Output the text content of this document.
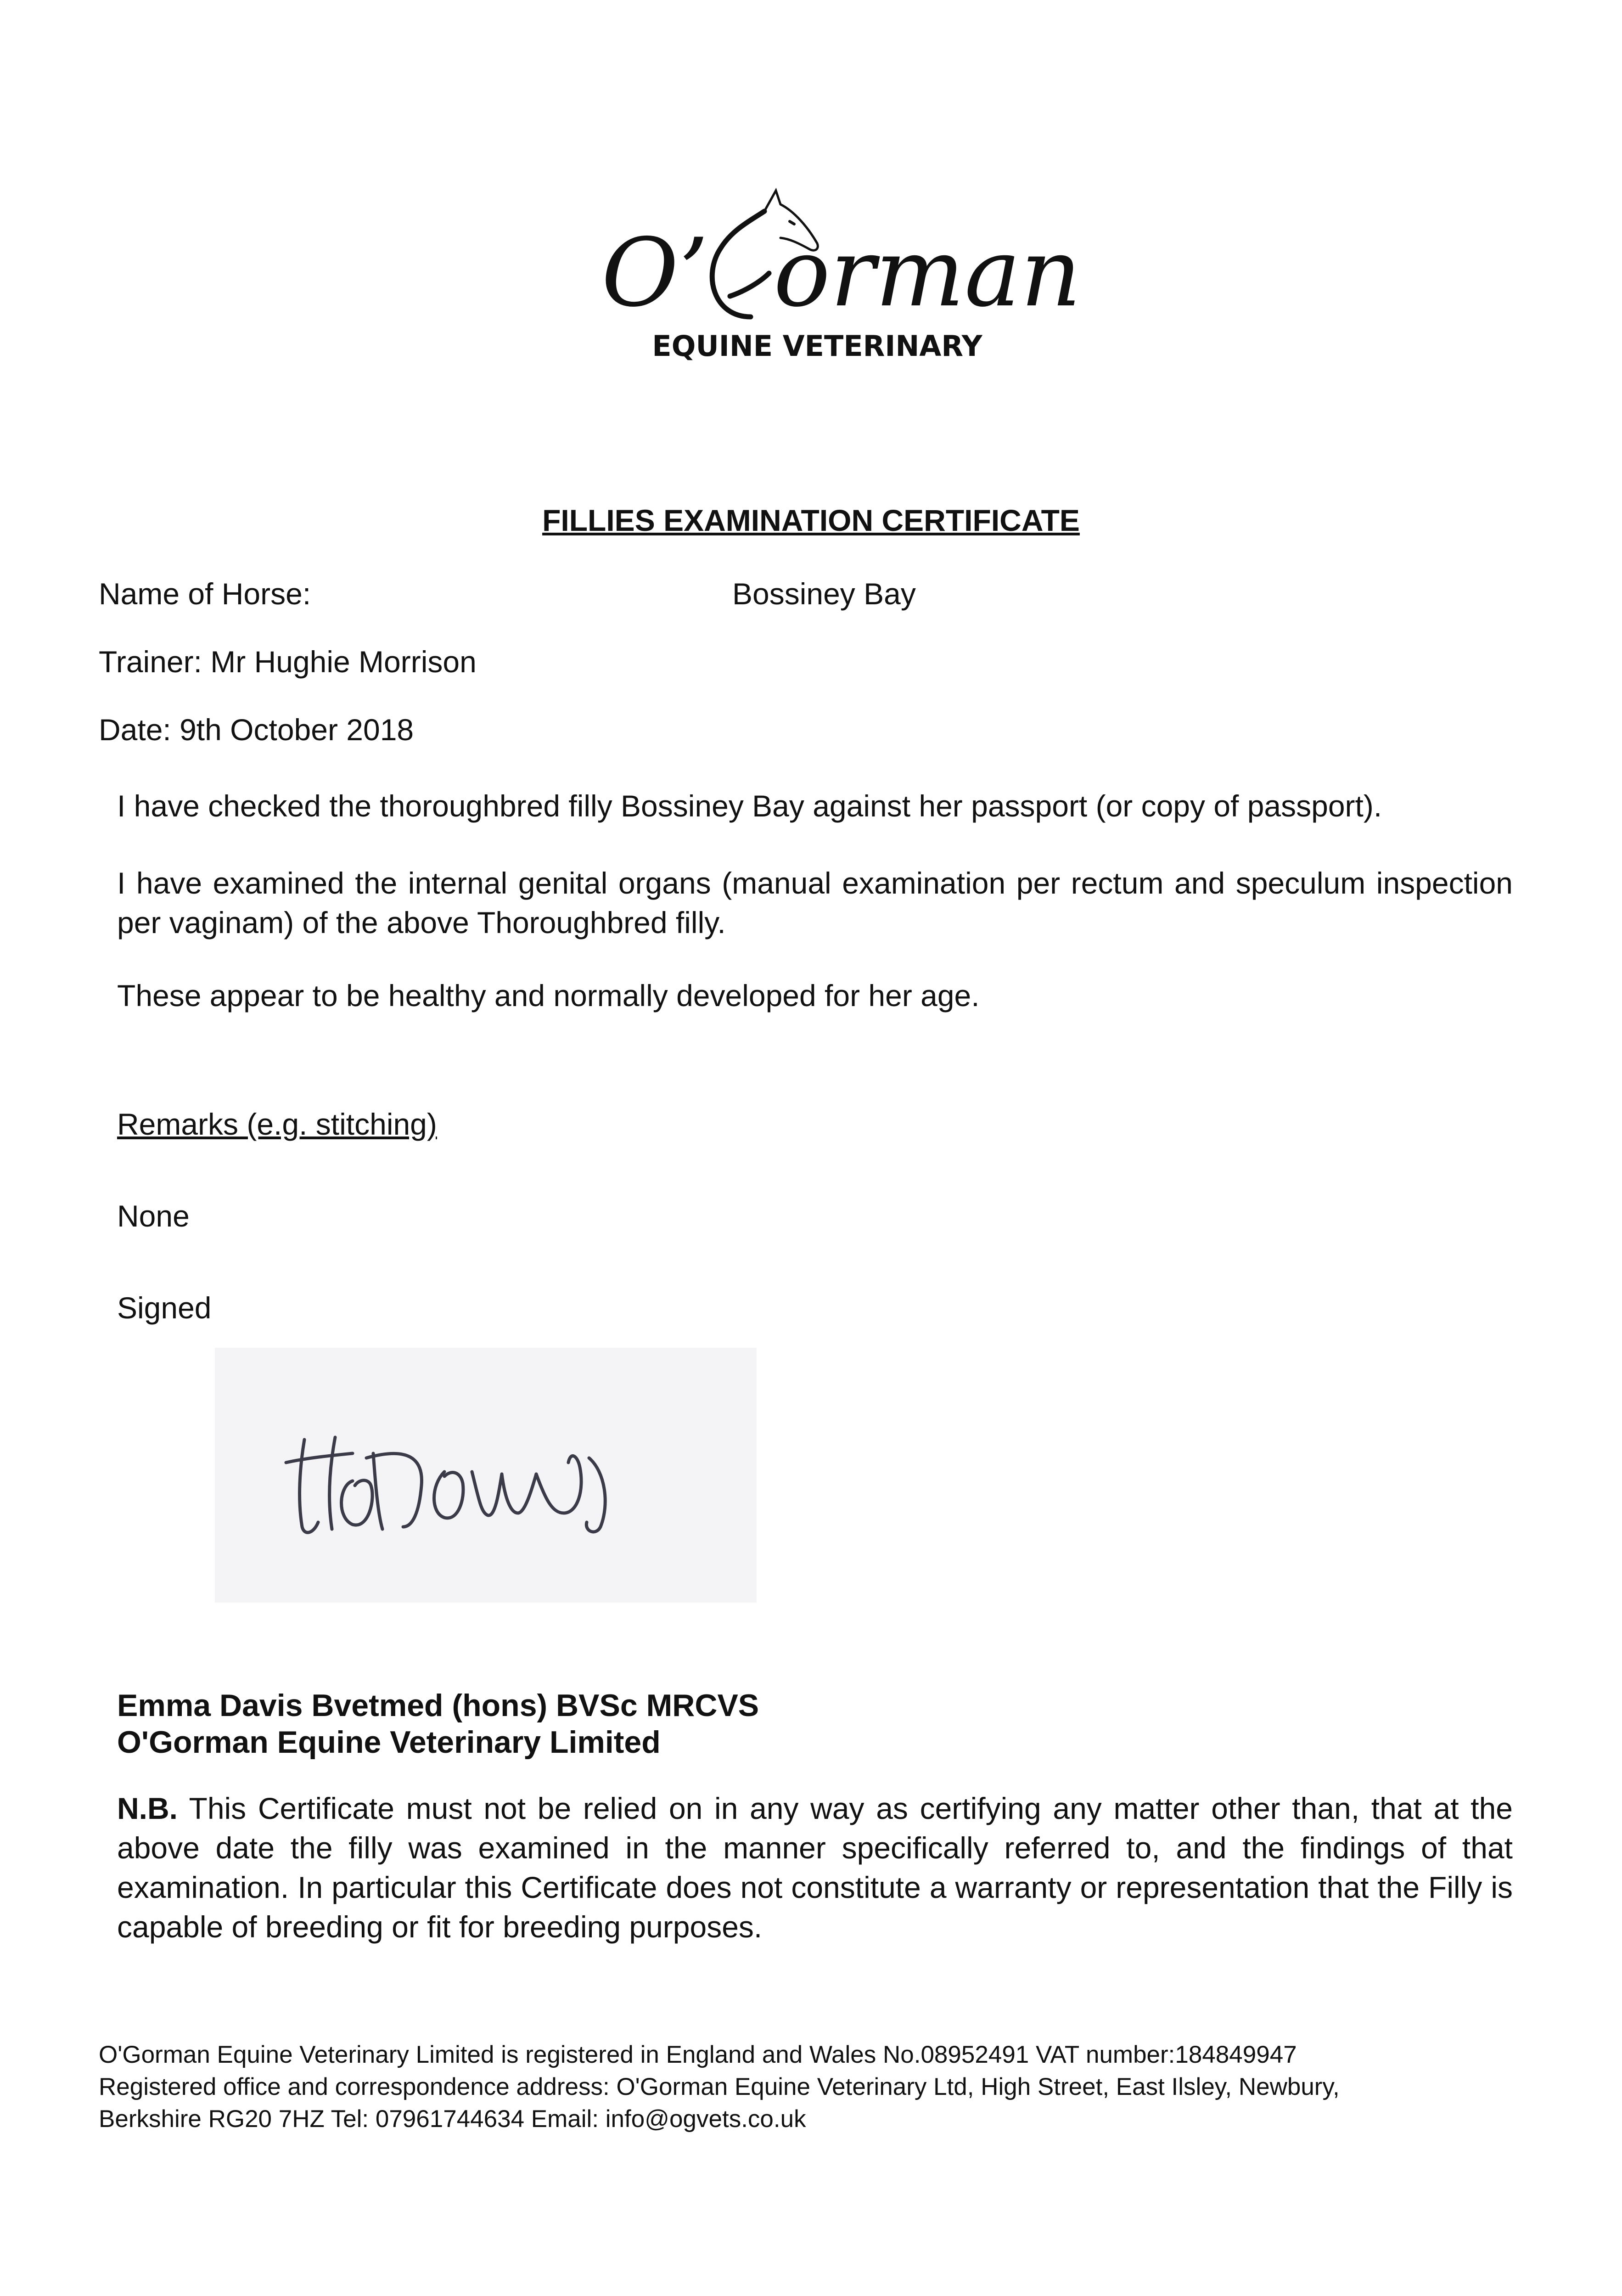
O’ orman
EQUINE VETERINARY
FILLIES EXAMINATION CERTIFICATE
Name of Horse:	Bossiney Bay
Trainer: Mr Hughie Morrison
Date: 9th October 2018
I have checked the thoroughbred filly Bossiney Bay against her passport (or copy of passport).
I have examined the internal genital organs (manual examination per rectum and speculum inspection per vaginam) of the above Thoroughbred filly.
These appear to be healthy and normally developed for her age.
Remarks (e.g. stitching)
None
Signed
Emma Davis Bvetmed (hons) BVSc MRCVS
O'Gorman Equine Veterinary Limited
N.B. This Certificate must not be relied on in any way as certifying any matter other than, that at the above date the filly was examined in the manner specifically referred to, and the findings of that examination. In particular this Certificate does not constitute a warranty or representation that the Filly is capable of breeding or fit for breeding purposes.
O'Gorman Equine Veterinary Limited is registered in England and Wales No.08952491 VAT number:184849947
Registered office and correspondence address: O'Gorman Equine Veterinary Ltd, High Street, East Ilsley, Newbury,
Berkshire RG20 7HZ Tel: 07961744634 Email: info@ogvets.co.uk
